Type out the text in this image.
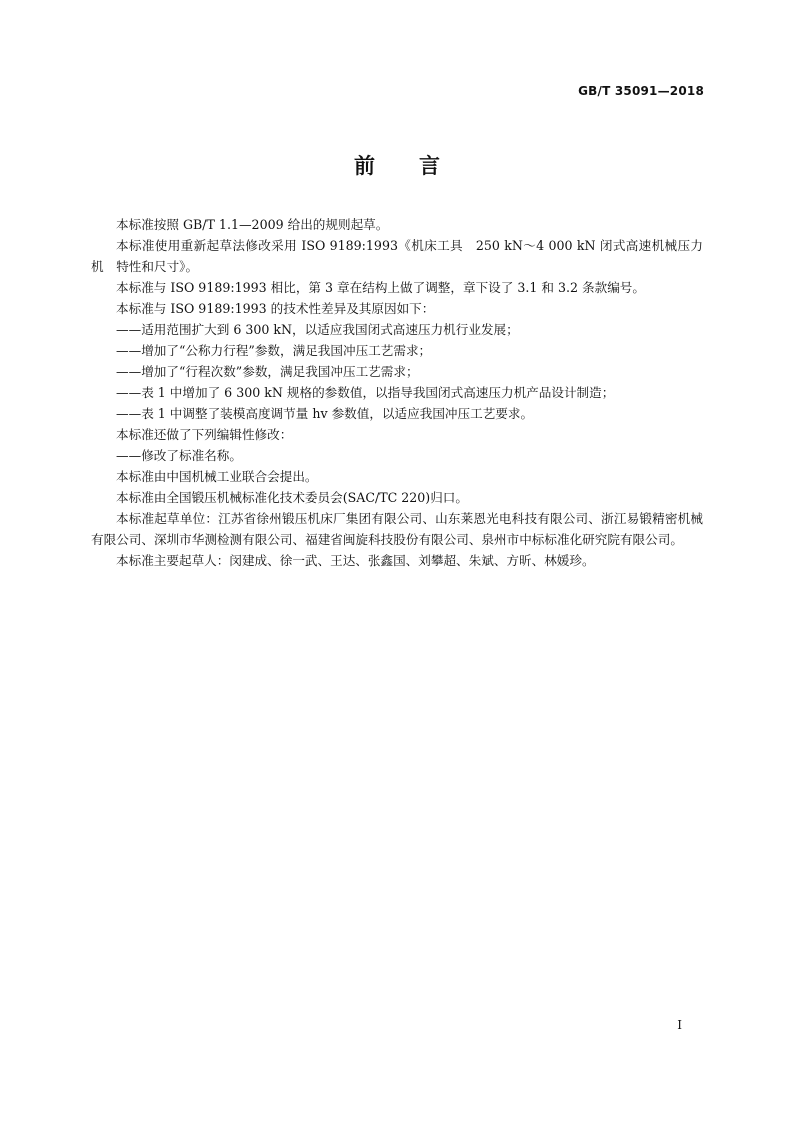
GB/T 35091—2018
前言

本标准按照 GB/T 1.1—2009 给出的规则起草。

本标准使用重新起草法修改采用 ISO 9189:1993《机床工具　250 kN～4 000 kN 闭式高速机械压力机　特性和尺寸》。

本标准与 ISO 9189:1993 相比，第 3 章在结构上做了调整，章下设了 3.1 和 3.2 条款编号。

本标准与 ISO 9189:1993 的技术性差异及其原因如下：

——适用范围扩大到 6 300 kN，以适应我国闭式高速压力机行业发展；

——增加了“公称力行程”参数，满足我国冲压工艺需求；

——增加了“行程次数”参数，满足我国冲压工艺需求；

——表 1 中增加了 6 300 kN 规格的参数值，以指导我国闭式高速压力机产品设计制造；

——表 1 中调整了装模高度调节量 hv 参数值，以适应我国冲压工艺要求。

本标准还做了下列编辑性修改：

——修改了标准名称。

本标准由中国机械工业联合会提出。

本标准由全国锻压机械标准化技术委员会(SAC/TC 220)归口。

本标准起草单位：江苏省徐州锻压机床厂集团有限公司、山东莱恩光电科技有限公司、浙江易锻精密机械有限公司、深圳市华测检测有限公司、福建省闽旋科技股份有限公司、泉州市中标标准化研究院有限公司。

本标准主要起草人：闵建成、徐一武、王达、张鑫国、刘攀超、朱斌、方昕、林媛珍。

I
